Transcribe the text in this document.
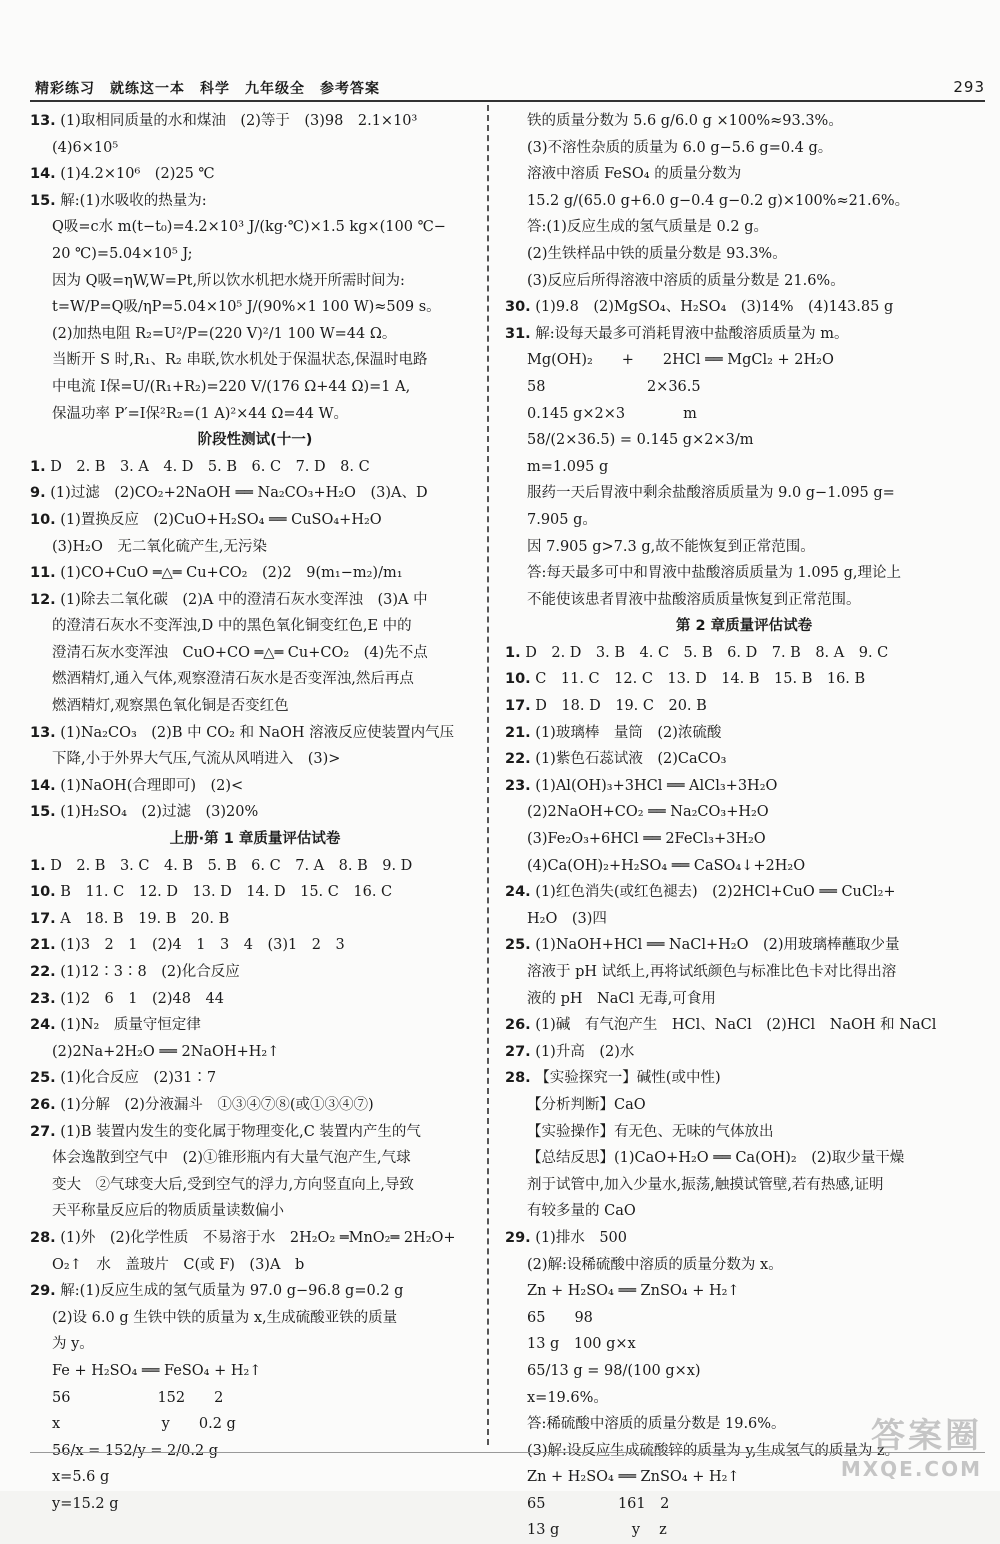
精彩练习　就练这一本　科学　九年级全　参考答案	293
13. (1)取相同质量的水和煤油　(2)等于　(3)98　2.1×10³
(4)6×10⁵
14. (1)4.2×10⁶　(2)25 ℃
15. 解:(1)水吸收的热量为:
Q吸=c水 m(t−t₀)=4.2×10³ J/(kg·℃)×1.5 kg×(100 ℃−
20 ℃)=5.04×10⁵ J;
因为 Q吸=ηW,W=Pt,所以饮水机把水烧开所需时间为:
t=W/P=Q吸/ηP=5.04×10⁵ J/(90%×1 100 W)≈509 s。
(2)加热电阻 R₂=U²/P=(220 V)²/1 100 W=44 Ω。
当断开 S 时,R₁、R₂ 串联,饮水机处于保温状态,保温时电路
中电流 I保=U/(R₁+R₂)=220 V/(176 Ω+44 Ω)=1 A,
保温功率 P′=I保²R₂=(1 A)²×44 Ω=44 W。
阶段性测试(十一)
1. D　2. B　3. A　4. D　5. B　6. C　7. D　8. C
9. (1)过滤　(2)CO₂+2NaOH ══ Na₂CO₃+H₂O　(3)A、D
10. (1)置换反应　(2)CuO+H₂SO₄ ══ CuSO₄+H₂O
(3)H₂O　无二氧化硫产生,无污染
11. (1)CO+CuO ═△═ Cu+CO₂　(2)2　9(m₁−m₂)/m₁
12. (1)除去二氧化碳　(2)A 中的澄清石灰水变浑浊　(3)A 中
的澄清石灰水不变浑浊,D 中的黑色氧化铜变红色,E 中的
澄清石灰水变浑浊　CuO+CO ═△═ Cu+CO₂　(4)先不点
燃酒精灯,通入气体,观察澄清石灰水是否变浑浊,然后再点
燃酒精灯,观察黑色氧化铜是否变红色
13. (1)Na₂CO₃　(2)B 中 CO₂ 和 NaOH 溶液反应使装置内气压
下降,小于外界大气压,气流从风哨进入　(3)>
14. (1)NaOH(合理即可)　(2)<
15. (1)H₂SO₄　(2)过滤　(3)20%
上册·第 1 章质量评估试卷
1. D　2. B　3. C　4. B　5. B　6. C　7. A　8. B　9. D
10. B　11. C　12. D　13. D　14. D　15. C　16. C
17. A　18. B　19. B　20. B
21. (1)3　2　1　(2)4　1　3　4　(3)1　2　3
22. (1)12∶3∶8　(2)化合反应
23. (1)2　6　1　(2)48　44
24. (1)N₂　质量守恒定律
(2)2Na+2H₂O ══ 2NaOH+H₂↑
25. (1)化合反应　(2)31∶7
26. (1)分解　(2)分液漏斗　①③④⑦⑧(或①③④⑦)
27. (1)B 装置内发生的变化属于物理变化,C 装置内产生的气
体会逸散到空气中　(2)①锥形瓶内有大量气泡产生,气球
变大　②气球变大后,受到空气的浮力,方向竖直向上,导致
天平称量反应后的物质质量读数偏小
28. (1)外　(2)化学性质　不易溶于水　2H₂O₂ ═MnO₂═ 2H₂O+
O₂↑　水　盖玻片　C(或 F)　(3)A　b
29. 解:(1)反应生成的氢气质量为 97.0 g−96.8 g=0.2 g
(2)设 6.0 g 生铁中铁的质量为 x,生成硫酸亚铁的质量
为 y。
Fe + H₂SO₄ ══ FeSO₄ + H₂↑
56　　　　　　152　　2
x　　　　　　　y　　0.2 g
56/x = 152/y = 2/0.2 g
x=5.6 g
y=15.2 g
铁的质量分数为 5.6 g/6.0 g ×100%≈93.3%。
(3)不溶性杂质的质量为 6.0 g−5.6 g=0.4 g。
溶液中溶质 FeSO₄ 的质量分数为
15.2 g/(65.0 g+6.0 g−0.4 g−0.2 g)×100%≈21.6%。
答:(1)反应生成的氢气质量是 0.2 g。
(2)生铁样品中铁的质量分数是 93.3%。
(3)反应后所得溶液中溶质的质量分数是 21.6%。
30. (1)9.8　(2)MgSO₄、H₂SO₄　(3)14%　(4)143.85 g
31. 解:设每天最多可消耗胃液中盐酸溶质质量为 m。
Mg(OH)₂　　+　　2HCl ══ MgCl₂ + 2H₂O
58　　　　　　　2×36.5
0.145 g×2×3　　　　m
58/(2×36.5) = 0.145 g×2×3/m
m=1.095 g
服药一天后胃液中剩余盐酸溶质质量为 9.0 g−1.095 g=
7.905 g。
因 7.905 g>7.3 g,故不能恢复到正常范围。
答:每天最多可中和胃液中盐酸溶质质量为 1.095 g,理论上
不能使该患者胃液中盐酸溶质质量恢复到正常范围。
第 2 章质量评估试卷
1. D　2. D　3. B　4. C　5. B　6. D　7. B　8. A　9. C
10. C　11. C　12. C　13. D　14. B　15. B　16. B
17. D　18. D　19. C　20. B
21. (1)玻璃棒　量筒　(2)浓硫酸
22. (1)紫色石蕊试液　(2)CaCO₃
23. (1)Al(OH)₃+3HCl ══ AlCl₃+3H₂O
(2)2NaOH+CO₂ ══ Na₂CO₃+H₂O
(3)Fe₂O₃+6HCl ══ 2FeCl₃+3H₂O
(4)Ca(OH)₂+H₂SO₄ ══ CaSO₄↓+2H₂O
24. (1)红色消失(或红色褪去)　(2)2HCl+CuO ══ CuCl₂+
H₂O　(3)四
25. (1)NaOH+HCl ══ NaCl+H₂O　(2)用玻璃棒蘸取少量
溶液于 pH 试纸上,再将试纸颜色与标准比色卡对比得出溶
液的 pH　NaCl 无毒,可食用
26. (1)碱　有气泡产生　HCl、NaCl　(2)HCl　NaOH 和 NaCl
27. (1)升高　(2)水
28. 【实验探究一】碱性(或中性)
【分析判断】CaO
【实验操作】有无色、无味的气体放出
【总结反思】(1)CaO+H₂O ══ Ca(OH)₂　(2)取少量干燥
剂于试管中,加入少量水,振荡,触摸试管壁,若有热感,证明
有较多量的 CaO
29. (1)排水　500
(2)解:设稀硫酸中溶质的质量分数为 x。
Zn + H₂SO₄ ══ ZnSO₄ + H₂↑
65　　98
13 g　100 g×x
65/13 g = 98/(100 g×x)
x=19.6%。
答:稀硫酸中溶质的质量分数是 19.6%。
(3)解:设反应生成硫酸锌的质量为 y,生成氢气的质量为 z。
Zn + H₂SO₄ ══ ZnSO₄ + H₂↑
65　　　　　161　2
13 g　　　　　y　 z
答案圈
MXQE.COM
